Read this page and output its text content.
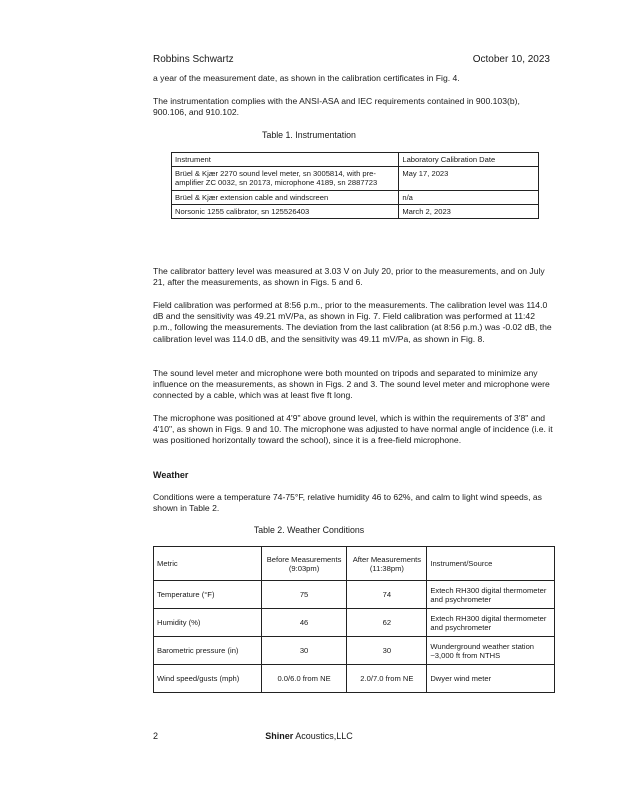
Robbins Schwartz	October 10, 2023
a year of the measurement date, as shown in the calibration certificates in Fig. 4.
The instrumentation complies with the ANSI-ASA and IEC requirements contained in 900.103(b), 900.106, and 910.102.
Table 1. Instrumentation
Instrument	Laboratory Calibration Date
Brüel & Kjær 2270 sound level meter, sn 3005814, with pre-amplifier ZC 0032, sn 20173, microphone 4189, sn 2887723	May 17, 2023
Brüel & Kjær extension cable and windscreen	n/a
Norsonic 1255 calibrator, sn 125526403	March 2, 2023
The calibrator battery level was measured at 3.03 V on July 20, prior to the measurements, and on July 21, after the measurements, as shown in Figs. 5 and 6.
Field calibration was performed at 8:56 p.m., prior to the measurements. The calibration level was 114.0 dB and the sensitivity was 49.21 mV/Pa, as shown in Fig. 7. Field calibration was performed at 11:42 p.m., following the measurements. The deviation from the last calibration (at 8:56 p.m.) was -0.02 dB, the calibration level was 114.0 dB, and the sensitivity was 49.11 mV/Pa, as shown in Fig. 8.
The sound level meter and microphone were both mounted on tripods and separated to minimize any influence on the measurements, as shown in Figs. 2 and 3. The sound level meter and microphone were connected by a cable, which was at least five ft long.
The microphone was positioned at 4'9" above ground level, which is within the requirements of 3'8" and 4'10", as shown in Figs. 9 and 10. The microphone was adjusted to have normal angle of incidence (i.e. it was positioned horizontally toward the school), since it is a free-field microphone.
Weather
Conditions were a temperature 74-75°F, relative humidity 46 to 62%, and calm to light wind speeds, as shown in Table 2.
Table 2. Weather Conditions
Metric	Before Measurements (9:03pm)	After Measurements (11:38pm)	Instrument/Source
Temperature (°F)	75	74	Extech RH300 digital thermometer and psychrometer
Humidity (%)	46	62	Extech RH300 digital thermometer and psychrometer
Barometric pressure (in)	30	30	Wunderground weather station ~3,000 ft from NTHS
Wind speed/gusts (mph)	0.0/6.0 from NE	2.0/7.0 from NE	Dwyer wind meter
2	Shiner Acoustics,LLC
